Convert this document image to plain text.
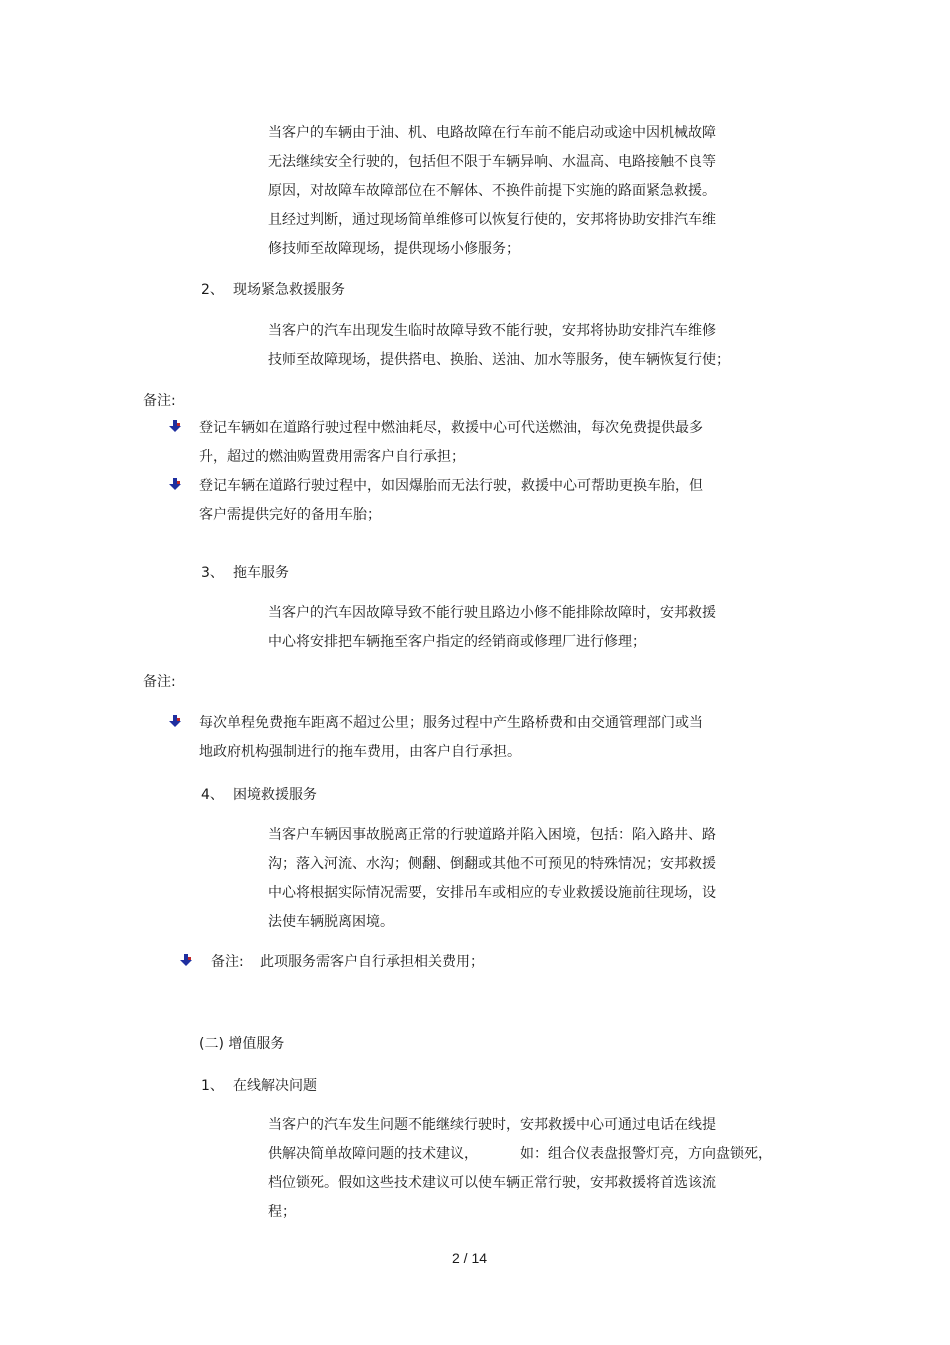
当客户的车辆由于油、机、电路故障在行车前不能启动或途中因机械故障
无法继续安全行驶的，包括但不限于车辆异响、水温高、电路接触不良等
原因，对故障车故障部位在不解体、不换件前提下实施的路面紧急救援。
且经过判断，通过现场简单维修可以恢复行使的，安邦将协助安排汽车维
修技师至故障现场，提供现场小修服务；
2、 现场紧急救援服务
当客户的汽车出现发生临时故障导致不能行驶，安邦将协助安排汽车维修
技师至故障现场，提供搭电、换胎、送油、加水等服务，使车辆恢复行使；
备注:
登记车辆如在道路行驶过程中燃油耗尽，救援中心可代送燃油，每次免费提供最多
升，超过的燃油购置费用需客户自行承担；
登记车辆在道路行驶过程中，如因爆胎而无法行驶，救援中心可帮助更换车胎，但
客户需提供完好的备用车胎；
3、 拖车服务
当客户的汽车因故障导致不能行驶且路边小修不能排除故障时，安邦救援
中心将安排把车辆拖至客户指定的经销商或修理厂进行修理；
备注:
每次单程免费拖车距离不超过公里；服务过程中产生路桥费和由交通管理部门或当
地政府机构强制进行的拖车费用，由客户自行承担。
4、 困境救援服务
当客户车辆因事故脱离正常的行驶道路并陷入困境，包括：陷入路井、路
沟；落入河流、水沟；侧翻、倒翻或其他不可预见的特殊情况；安邦救援
中心将根据实际情况需要，安排吊车或相应的专业救援设施前往现场，设
法使车辆脱离困境。
备注: 此项服务需客户自行承担相关费用；
(二) 增值服务
1、 在线解决问题
当客户的汽车发生问题不能继续行驶时，安邦救援中心可通过电话在线提
供解决简单故障问题的技术建议，	如：组合仪表盘报警灯亮，方向盘锁死，
档位锁死。假如这些技术建议可以使车辆正常行驶，安邦救援将首选该流
程；
2 / 14
